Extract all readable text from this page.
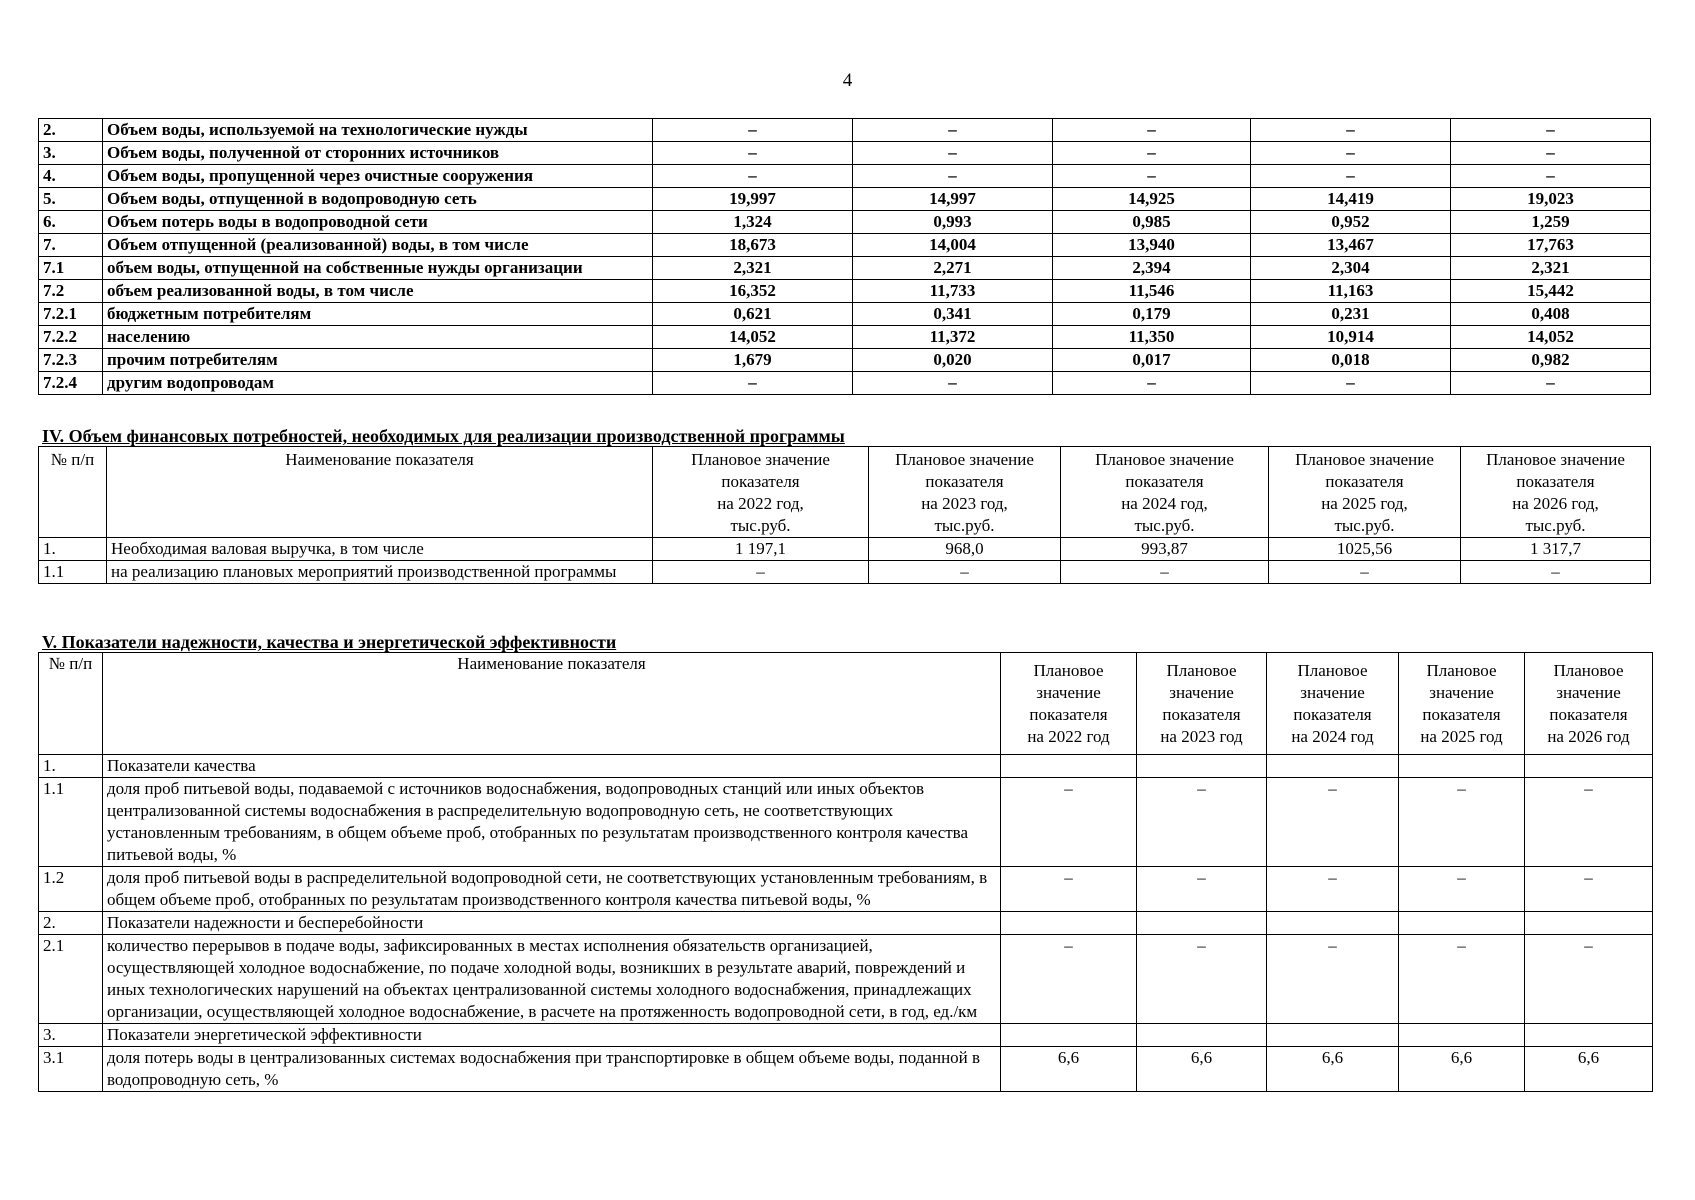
4
2.	Объем воды, используемой на технологические нужды	–	–	–	–	–
3.	Объем воды, полученной от сторонних источников	–	–	–	–	–
4.	Объем воды, пропущенной через очистные сооружения	–	–	–	–	–
5.	Объем воды, отпущенной в водопроводную сеть	19,997	14,997	14,925	14,419	19,023
6.	Объем потерь воды в водопроводной сети	1,324	0,993	0,985	0,952	1,259
7.	Объем отпущенной (реализованной) воды, в том числе	18,673	14,004	13,940	13,467	17,763
7.1	объем воды, отпущенной на собственные нужды организации	2,321	2,271	2,394	2,304	2,321
7.2	объем реализованной воды, в том числе	16,352	11,733	11,546	11,163	15,442
7.2.1	бюджетным потребителям	0,621	0,341	0,179	0,231	0,408
7.2.2	населению	14,052	11,372	11,350	10,914	14,052
7.2.3	прочим потребителям	1,679	0,020	0,017	0,018	0,982
7.2.4	другим водопроводам	–	–	–	–	–
IV. Объем финансовых потребностей, необходимых для реализации производственной программы
№ п/п	Наименование показателя	Плановое значение
показателя
на 2022 год,
тыс.руб.	Плановое значение
показателя
на 2023 год,
тыс.руб.	Плановое значение
показателя
на 2024 год,
тыс.руб.	Плановое значение
показателя
на 2025 год,
тыс.руб.	Плановое значение
показателя
на 2026 год,
тыс.руб.
1.	Необходимая валовая выручка, в том числе	1 197,1	968,0	993,87	1025,56	1 317,7
1.1	на реализацию плановых мероприятий производственной программы	–	–	–	–	–
V. Показатели надежности, качества и энергетической эффективности
№ п/п	Наименование показателя	Плановое
значение
показателя
на 2022 год	Плановое
значение
показателя
на 2023 год	Плановое
значение
показателя
на 2024 год	Плановое
значение
показателя
на 2025 год	Плановое
значение
показателя
на 2026 год
1.	Показатели качества					
1.1	доля проб питьевой воды, подаваемой с источников водоснабжения, водопроводных станций или иных объектов централизованной системы водоснабжения в распределительную водопроводную сеть, не соответствующих установленным требованиям, в общем объеме проб, отобранных по результатам производственного контроля качества питьевой воды, %	–	–	–	–	–
1.2	доля проб питьевой воды в распределительной водопроводной сети, не соответствующих установленным требованиям, в общем объеме проб, отобранных по результатам производственного контроля качества питьевой воды, %	–	–	–	–	–
2.	Показатели надежности и бесперебойности					
2.1	количество перерывов в подаче воды, зафиксированных в местах исполнения обязательств организацией, осуществляющей холодное водоснабжение, по подаче холодной воды, возникших в результате аварий, повреждений и иных технологических нарушений на объектах централизованной системы холодного водоснабжения, принадлежащих организации, осуществляющей холодное водоснабжение, в расчете на протяженность водопроводной сети, в год, ед./км	–	–	–	–	–
3.	Показатели энергетической эффективности					
3.1	доля потерь воды в централизованных системах водоснабжения при транспортировке в общем объеме воды, поданной в водопроводную сеть, %	6,6	6,6	6,6	6,6	6,6
